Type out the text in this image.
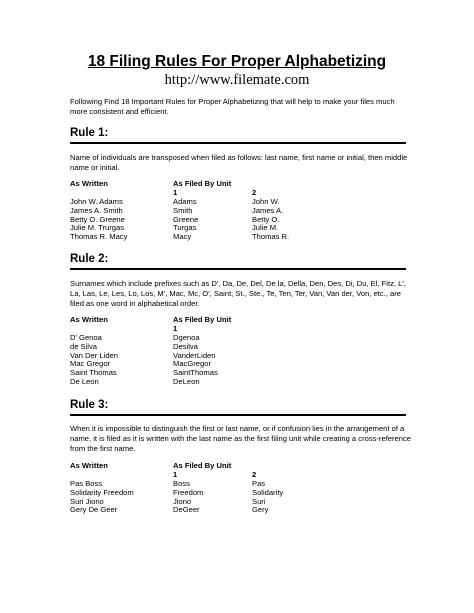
18 Filing Rules For Proper Alphabetizing
http://www.filemate.com
Following Find 18 Important Rules for Proper Alphabetizing that will help to make your files much more consistent and efficient.
Rule 1:
Name of individuals are transposed when filed as follows: last name, first name or initial, then middle name or initial.
As Written	As Filed By Unit
1	2
John W. Adams	Adams	John W.
James A. Smith	Smith	James A.
Betty O. Greene	Greene	Betty O.
Julie M. Trurgas	Turgas	Julie M.
Thomas R. Macy	Macy	Thomas R.
Rule 2:
Surnames which include prefixes such as D', Da, De, Del, De la, Della, Den, Des, Di, Du, El, Fitz, L', La, Las, Le, Les, Lo, Los, M', Mac, Mc, O', Saint, St., Ste., Te, Ten, Ter, Van, Van der, Von, etc., are filed as one word in alphabetical order.
As Written	As Filed By Unit
1
D' Genoa	Dgenoa
de Silva	Desilva
Van Der Liden	VanderLiden
Mac Gregor	MacGregor
Saint Thomas	SaintThomas
De Leon	DeLeon
Rule 3:
When it is impossible to distinguish the first or last name, or if confusion lies in the arrangement of a name, it is filed as it is written with the last name as the first filing unit while creating a cross-reference from the first name.
As Written	As Filed By Unit
1	2
Pas Boss	Boss	Pas
Solidarity Freedom	Freedom	Solidarity
Suri Jiono	Jiono	Suri
Gery De Geer	DeGeer	Gery
